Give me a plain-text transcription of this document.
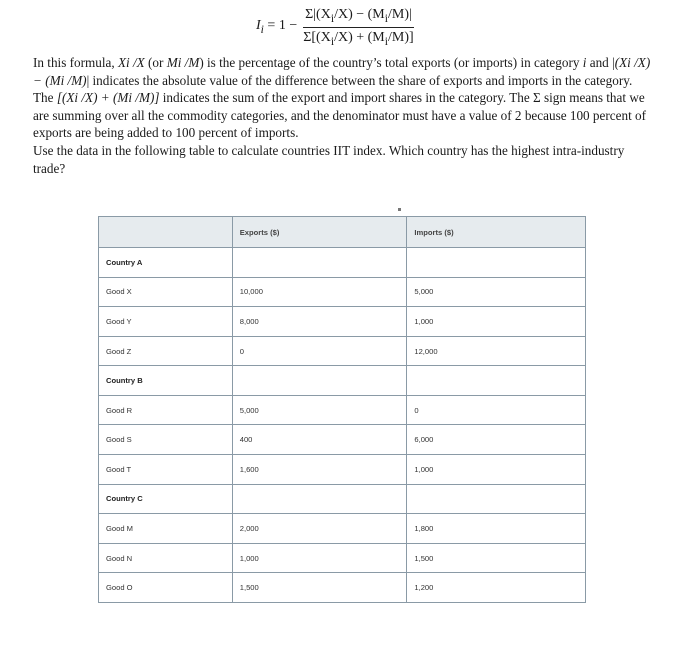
$I_i = 1 - \frac{\Sigma|(X_i/X) - (M_i/M)|}{\Sigma[(X_i/X) + (M_i/M)]}$

In this formula, Xi /X (or Mi /M) is the percentage of the country’s total exports (or imports) in category i and |(Xi /X) − (Mi /M)| indicates the absolute value of the difference between the share of exports and imports in the category. The [(Xi /X) + (Mi /M)] indicates the sum of the export and import shares in the category. The Σ sign means that we are summing over all the commodity categories, and the denominator must have a value of 2 because 100 percent of exports are being added to 100 percent of imports.

Use the data in the following table to calculate countries IIT index. Which country has the highest intra-industry trade?

	Exports ($)	Imports ($)
Country A		
Good X	10,000	5,000
Good Y	8,000	1,000
Good Z	0	12,000
Country B		
Good R	5,000	0
Good S	400	6,000
Good T	1,600	1,000
Country C		
Good M	2,000	1,800
Good N	1,000	1,500
Good O	1,500	1,200
